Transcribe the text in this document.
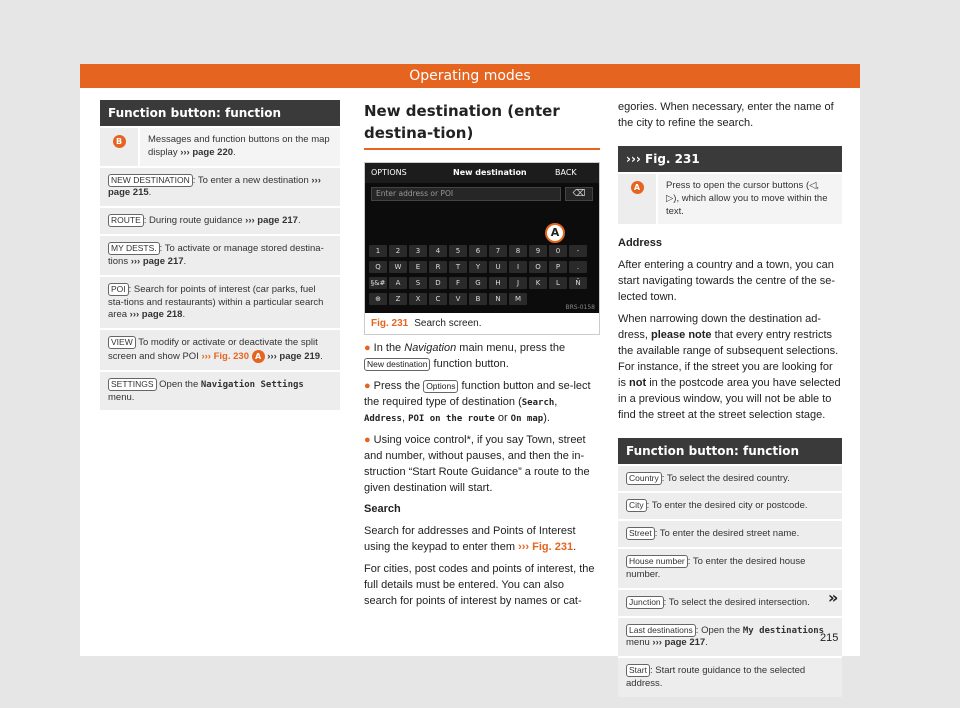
Operating modes
Function button: function
B	Messages and function buttons on the map display ››› page 220.
NEW DESTINATION : To enter a new destination ››› page 215.
ROUTE : During route guidance ››› page 217.
MY DESTS. : To activate or manage stored destina-tions ››› page 217.
POI : Search for points of interest (car parks, fuel sta-tions and restaurants) within a particular search area ››› page 218.
VIEW To modify or activate or deactivate the split screen and show POI ››› Fig. 230 A ››› page 219.
SETTINGS Open the Navigation Settings menu.
New destination (enter destina-tion)
OPTIONS	New destination	BACK
Enter address or POI	⌫
1	2	3	4	5	6	7	8	9	0	-
Q	W	E	R	T	Y	U	I	O	P	.
§&#	A	S	D	F	G	H	J	K	L	Ñ
⊕	Z	X	C	V	B	N	M
A
BRS-0158
Fig. 231 Search screen.

● In the Navigation main menu, press the New destination function button.

● Press the Options function button and se-lect the required type of destination (Search, Address, POI on the route or On map).

● Using voice control*, if you say Town, street and number, without pauses, and then the in-struction “Start Route Guidance” a route to the given destination will start.

Search

Search for addresses and Points of Interest using the keypad to enter them ››› Fig. 231.

For cities, post codes and points of interest, the full details must be entered. You can also search for points of interest by names or cat-

egories. When necessary, enter the name of the city to refine the search.

››› Fig. 231
A	Press to open the cursor buttons (◁, ▷), which allow you to move within the text.

Address

After entering a country and a town, you can start navigating towards the centre of the se-lected town.

When narrowing down the destination ad-dress, please note that every entry restricts the available range of subsequent selections. For instance, if the street you are looking for is not in the postcode area you have selected in a previous window, you will not be able to find the street at the street selection stage.

Function button: function
Country : To select the desired country.
City : To enter the desired city or postcode.
Street : To enter the desired street name.
House number : To enter the desired house number.
Junction : To select the desired intersection.
Last destinations : Open the My destinations menu ››› page 217.
Start : Start route guidance to the selected address.
»
215
